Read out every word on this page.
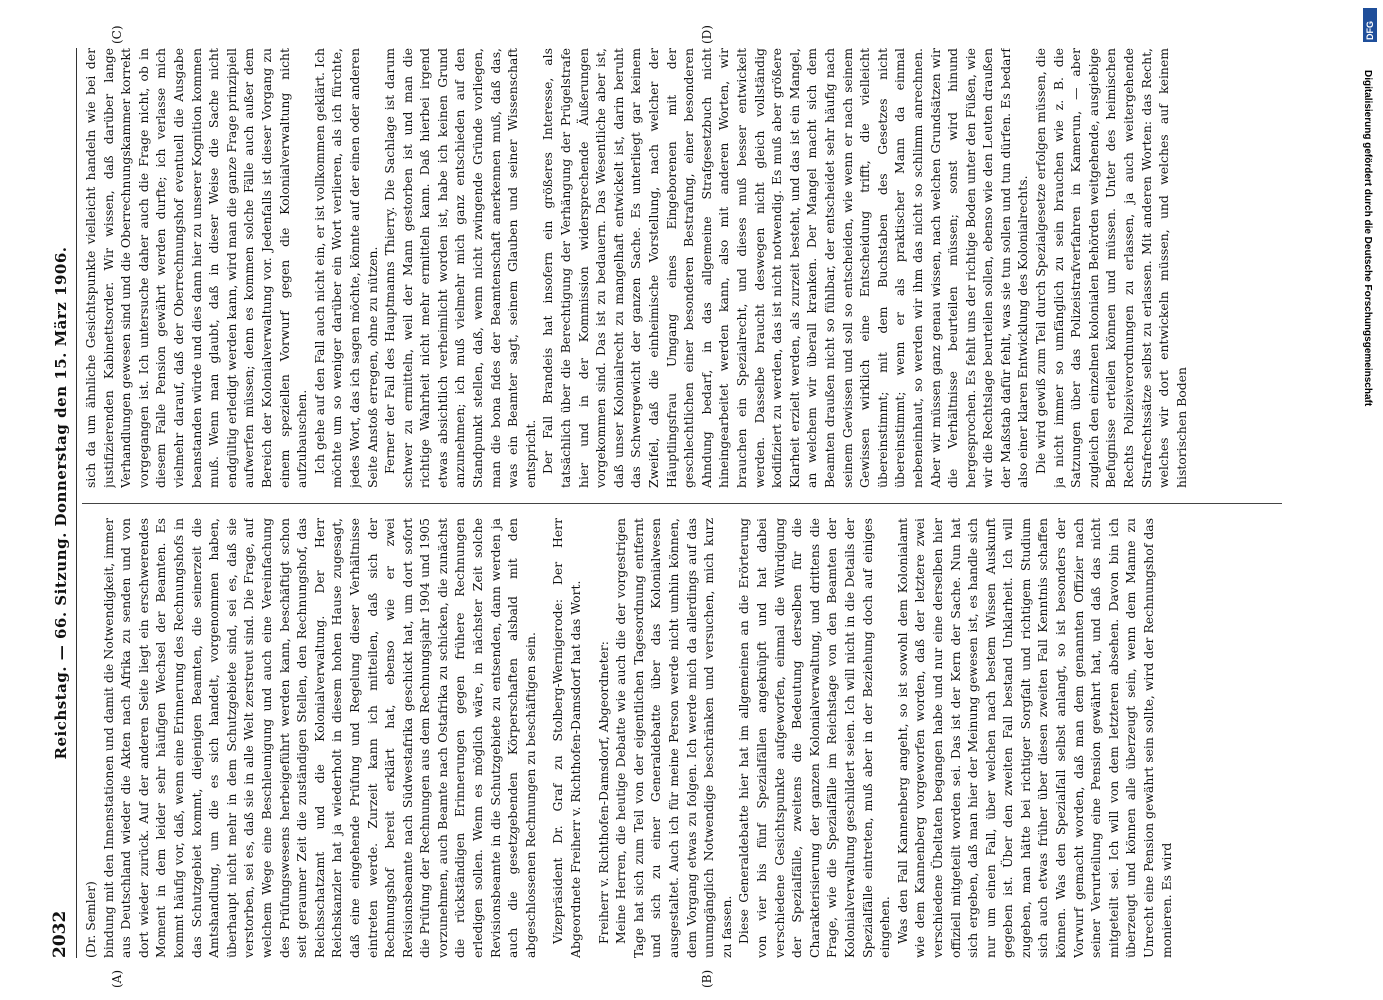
2032
Reichstag. — 66. Sitzung. Donnerstag den 15. März 1906.
(A)	(B)
(C)	(D)

(Dr. Semler) bindung mit den Innenstationen und damit die Notwendigkeit, immer aus Deutschland wieder die Akten nach Afrika zu senden und von dort wieder zurück. Auf der anderen Seite liegt ein erschwerendes Moment in dem leider sehr häufigen Wechsel der Beamten. Es kommt häufig vor, daß, wenn eine Erinnerung des Rechnungshofs in das Schutzgebiet kommt, diejenigen Beamten, die seinerzeit die Amtshandlung, um die es sich handelt, vorgenommen haben, überhaupt nicht mehr in dem Schutzgebiete sind, sei es, daß sie verstorben, sei es, daß sie in alle Welt zerstreut sind. Die Frage, auf welchem Wege eine Beschleunigung und auch eine Vereinfachung des Prüfungswesens herbeigeführt werden kann, beschäftigt schon seit geraumer Zeit die zuständigen Stellen, den Rechnungshof, das Reichsschatzamt und die Kolonialverwaltung. Der Herr Reichskanzler hat ja wiederholt in diesem hohen Hause zugesagt, daß eine eingehende Prüfung und Regelung dieser Verhältnisse eintreten werde. Zurzeit kann ich mitteilen, daß sich der Rechnungshof bereit erklärt hat, ebenso wie er zwei Revisionsbeamte nach Südwestafrika geschickt hat, um dort sofort die Prüfung der Rechnungen aus dem Rechnungsjahr 1904 und 1905 vorzunehmen, auch Beamte nach Ostafrika zu schicken, die zunächst die rückständigen Erinnerungen gegen frühere Rechnungen erledigen sollen. Wenn es möglich wäre, in nächster Zeit solche Revisionsbeamte in die Schutzgebiete zu entsenden, dann werden ja auch die gesetzgebenden Körperschaften alsbald mit den abgeschlossenen Rechnungen zu beschäftigen sein. Vizepräsident Dr. Graf zu Stolberg-Wernigerode: Der Herr Abgeordnete Freiherr v. Richthofen-Damsdorf hat das Wort. Freiherr v. Richthofen-Damsdorf, Abgeordneter: Meine Herren, die heutige Debatte wie auch die der vorgestrigen Tage hat sich zum Teil von der eigentlichen Tagesordnung entfernt und sich zu einer Generaldebatte über das Kolonialwesen ausgestaltet. Auch ich für meine Person werde nicht umhin können, dem Vorgang etwas zu folgen. Ich werde mich da allerdings auf das unumgänglich Notwendige beschränken und versuchen, mich kurz zu fassen. Diese Generaldebatte hier hat im allgemeinen an die Erörterung von vier bis fünf Spezialfällen angeknüpft und hat dabei verschiedene Gesichtspunkte aufgeworfen, einmal die Würdigung der Spezialfälle, zweitens die Bedeutung derselben für die Charakterisierung der ganzen Kolonialverwaltung, und drittens die Frage, wie die Spezialfälle im Reichstage von den Beamten der Kolonialverwaltung geschildert seien. Ich will nicht in die Details der Spezialfälle eintreten, muß aber in der Beziehung doch auf einiges eingehen. Was den Fall Kannenberg angeht, so ist sowohl dem Kolonialamt wie dem Kannenberg vorgeworfen worden, daß der letztere zwei verschiedene Übeltaten begangen habe und nur eine derselben hier offiziell mitgeteilt worden sei. Das ist der Kern der Sache. Nun hat sich ergeben, daß man hier der Meinung gewesen ist, es handle sich nur um einen Fall, über welchen nach bestem Wissen Auskunft gegeben ist. Über den zweiten Fall bestand Unklarheit. Ich will zugeben, man hätte bei richtiger Sorgfalt und richtigem Studium sich auch etwas früher über diesen zweiten Fall Kenntnis schaffen können. Was den Spezialfall selbst anlangt, so ist besonders der Vorwurf gemacht worden, daß man dem genannten Offizier nach seiner Verurteilung eine Pension gewährt hat, und daß das nicht mitgeteilt sei. Ich will von dem letzteren absehen. Davon bin ich überzeugt und können alle überzeugt sein, wenn dem Manne zu Unrecht eine Pension gewährt sein sollte, wird der Rechnungshof das monieren. Es wird

sich da um ähnliche Gesichtspunkte vielleicht handeln wie bei der justifizierenden Kabinettsorder. Wir wissen, daß darüber lange Verhandlungen gewesen sind und die Oberrechnungskammer korrekt vorgegangen ist. Ich untersuche daher auch die Frage nicht, ob in diesem Falle Pension gewährt werden durfte; ich verlasse mich vielmehr darauf, daß der Oberrechnungshof eventuell die Ausgabe beanstanden würde und dies dann hier zu unserer Kognition kommen muß. Wenn man glaubt, daß in dieser Weise die Sache nicht endgültig erledigt werden kann, wird man die ganze Frage prinzipiell aufwerfen müssen; denn es kommen solche Fälle auch außer dem Bereich der Kolonialverwaltung vor. Jedenfalls ist dieser Vorgang zu einem speziellen Vorwurf gegen die Kolonialverwaltung nicht aufzubauschen. Ich gehe auf den Fall auch nicht ein, er ist vollkommen geklärt. Ich möchte um so weniger darüber ein Wort verlieren, als ich fürchte, jedes Wort, das ich sagen möchte, könnte auf der einen oder anderen Seite Anstoß erregen, ohne zu nützen. Ferner der Fall des Hauptmanns Thierry. Die Sachlage ist darum schwer zu ermitteln, weil der Mann gestorben ist und man die richtige Wahrheit nicht mehr ermitteln kann. Daß hierbei irgend etwas absichtlich verheimlicht worden ist, habe ich keinen Grund anzunehmen; ich muß vielmehr mich ganz entschieden auf den Standpunkt stellen, daß, wenn nicht zwingende Gründe vorliegen, man die bona fides der Beamtenschaft anerkennen muß, daß das, was ein Beamter sagt, seinem Glauben und seiner Wissenschaft entspricht. Der Fall Brandeis hat insofern ein größeres Interesse, als tatsächlich über die Berechtigung der Verhängung der Prügelstrafe hier und in der Kommission widersprechende Äußerungen vorgekommen sind. Das ist zu bedauern. Das Wesentliche aber ist, daß unser Kolonialrecht zu mangelhaft entwickelt ist, darin beruht das Schwergewicht der ganzen Sache. Es unterliegt gar keinem Zweifel, daß die einheimische Vorstellung, nach welcher der Häuptlingsfrau Umgang eines Eingeborenen mit der geschlechtlichen einer besonderen Bestrafung, einer besonderen Ahndung bedarf, in das allgemeine Strafgesetzbuch nicht hineingearbeitet werden kann, also mit anderen Worten, wir brauchen ein Spezialrecht, und dieses muß besser entwickelt werden. Dasselbe braucht deswegen nicht gleich vollständig kodifiziert zu werden, das ist nicht notwendig. Es muß aber größere Klarheit erzielt werden, als zurzeit besteht, und das ist ein Mangel, an welchem wir überall kranken. Der Mangel macht sich dem Beamten draußen nicht so fühlbar, der entscheidet sehr häufig nach seinem Gewissen und soll so entscheiden, wie wenn er nach seinem Gewissen wirklich eine Entscheidung trifft, die vielleicht übereinstimmt; mit dem Buchstaben des Gesetzes nicht übereinstimmt; wenn er als praktischer Mann da einmal nebeneinhaut, so werden wir ihm das nicht so schlimm anrechnen. Aber wir müssen ganz genau wissen, nach welchen Grundsätzen wir die Verhältnisse beurteilen müssen; sonst wird hinund hergesprochen. Es fehlt uns der richtige Boden unter den Füßen, wie wir die Rechtslage beurteilen sollen, ebenso wie den Leuten draußen der Maßstab dafür fehlt, was sie tun sollen und tun dürfen. Es bedarf also einer klaren Entwicklung des Kolonialrechts. Die wird gewiß zum Teil durch Spezialgesetze erfolgen müssen, die ja nicht immer so umfänglich zu sein brauchen wie z. B. die Satzungen über das Polizeistrafverfahren in Kamerun, — aber zugleich den einzelnen kolonialen Behörden weitgehende, ausgiebige Befugnisse erteilen können und müssen. Unter des heimischen Rechts Polizeiverordnungen zu erlassen, ja auch weitergehende Strafrechtssätze selbst zu erlassen. Mit anderen Worten: das Recht, welches wir dort entwickeln müssen, und welches auf keinem historischen Boden

Digitalisierung gefördert durch die Deutsche Forschungsgemeinschaft
DFG
